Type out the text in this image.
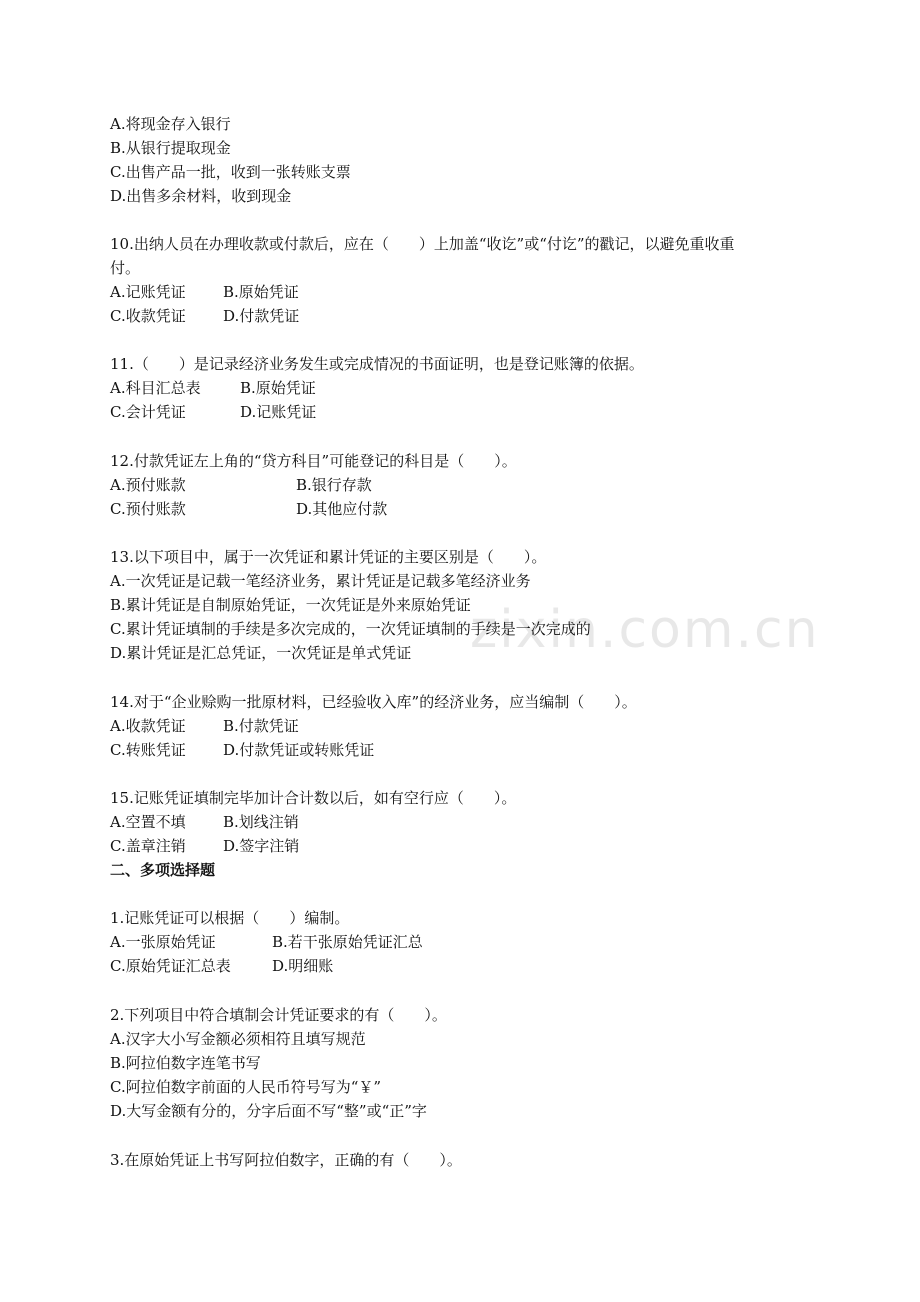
zixin.com.cn
A.将现金存入银行
B.从银行提取现金
C.出售产品一批，收到一张转账支票
D.出售多余材料，收到现金
10.出纳人员在办理收款或付款后，应在（　　）上加盖“收讫”或“付讫”的戳记，以避免重收重
付。
A.记账凭证 B.原始凭证
C.收款凭证 D.付款凭证
11.（　　）是记录经济业务发生或完成情况的书面证明，也是登记账簿的依据。
A.科目汇总表	B.原始凭证
C.会计凭证	D.记账凭证
12.付款凭证左上角的“贷方科目”可能登记的科目是（　　）。
A.预付账款	B.银行存款
C.预付账款	D.其他应付款
13.以下项目中，属于一次凭证和累计凭证的主要区别是（　　）。
A.一次凭证是记载一笔经济业务，累计凭证是记载多笔经济业务
B.累计凭证是自制原始凭证，一次凭证是外来原始凭证
C.累计凭证填制的手续是多次完成的，一次凭证填制的手续是一次完成的
D.累计凭证是汇总凭证，一次凭证是单式凭证
14.对于“企业赊购一批原材料，已经验收入库”的经济业务，应当编制（　　）。
A.收款凭证 B.付款凭证
C.转账凭证 D.付款凭证或转账凭证
15.记账凭证填制完毕加计合计数以后，如有空行应（　　）。
A.空置不填 B.划线注销
C.盖章注销 D.签字注销
二、多项选择题
1.记账凭证可以根据（　　）编制。
A.一张原始凭证	B.若干张原始凭证汇总
C.原始凭证汇总表	D.明细账
2.下列项目中符合填制会计凭证要求的有（　　）。
A.汉字大小写金额必须相符且填写规范
B.阿拉伯数字连笔书写
C.阿拉伯数字前面的人民币符号写为“￥”
D.大写金额有分的，分字后面不写“整”或“正”字
3.在原始凭证上书写阿拉伯数字，正确的有（　　）。
